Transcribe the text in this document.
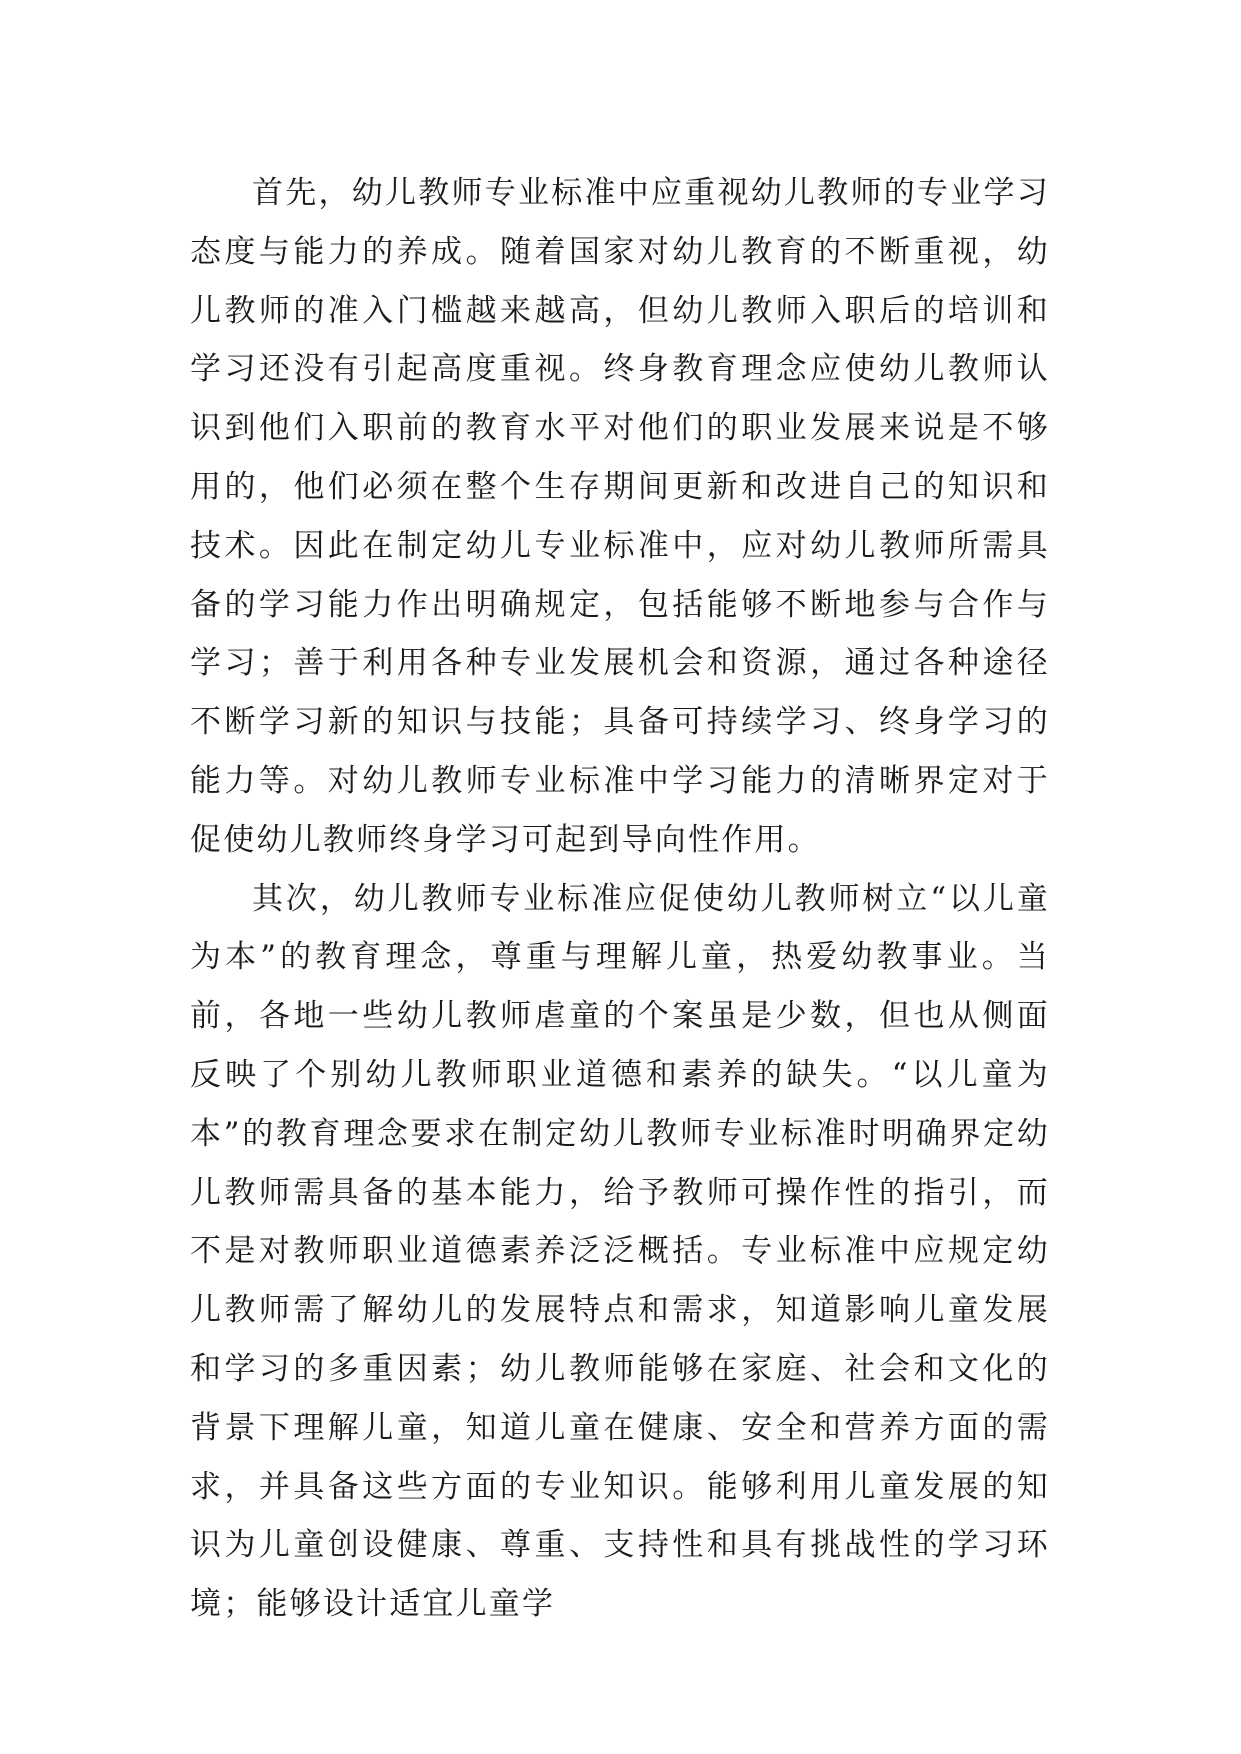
首先，幼儿教师专业标准中应重视幼儿教师的专业学习态度与能力的养成。随着国家对幼儿教育的不断重视，幼儿教师的准入门槛越来越高，但幼儿教师入职后的培训和学习还没有引起高度重视。终身教育理念应使幼儿教师认识到他们入职前的教育水平对他们的职业发展来说是不够用的，他们必须在整个生存期间更新和改进自己的知识和技术。因此在制定幼儿专业标准中，应对幼儿教师所需具备的学习能力作出明确规定，包括能够不断地参与合作与学习；善于利用各种专业发展机会和资源，通过各种途径不断学习新的知识与技能；具备可持续学习、终身学习的能力等。对幼儿教师专业标准中学习能力的清晰界定对于促使幼儿教师终身学习可起到导向性作用。

其次，幼儿教师专业标准应促使幼儿教师树立“以儿童为本”的教育理念，尊重与理解儿童，热爱幼教事业。当前，各地一些幼儿教师虐童的个案虽是少数，但也从侧面反映了个别幼儿教师职业道德和素养的缺失。“以儿童为本”的教育理念要求在制定幼儿教师专业标准时明确界定幼儿教师需具备的基本能力，给予教师可操作性的指引，而不是对教师职业道德素养泛泛概括。专业标准中应规定幼儿教师需了解幼儿的发展特点和需求，知道影响儿童发展和学习的多重因素；幼儿教师能够在家庭、社会和文化的背景下理解儿童，知道儿童在健康、安全和营养方面的需求，并具备这些方面的专业知识。能够利用儿童发展的知识为儿童创设健康、尊重、支持性和具有挑战性的学习环境；能够设计适宜儿童学
